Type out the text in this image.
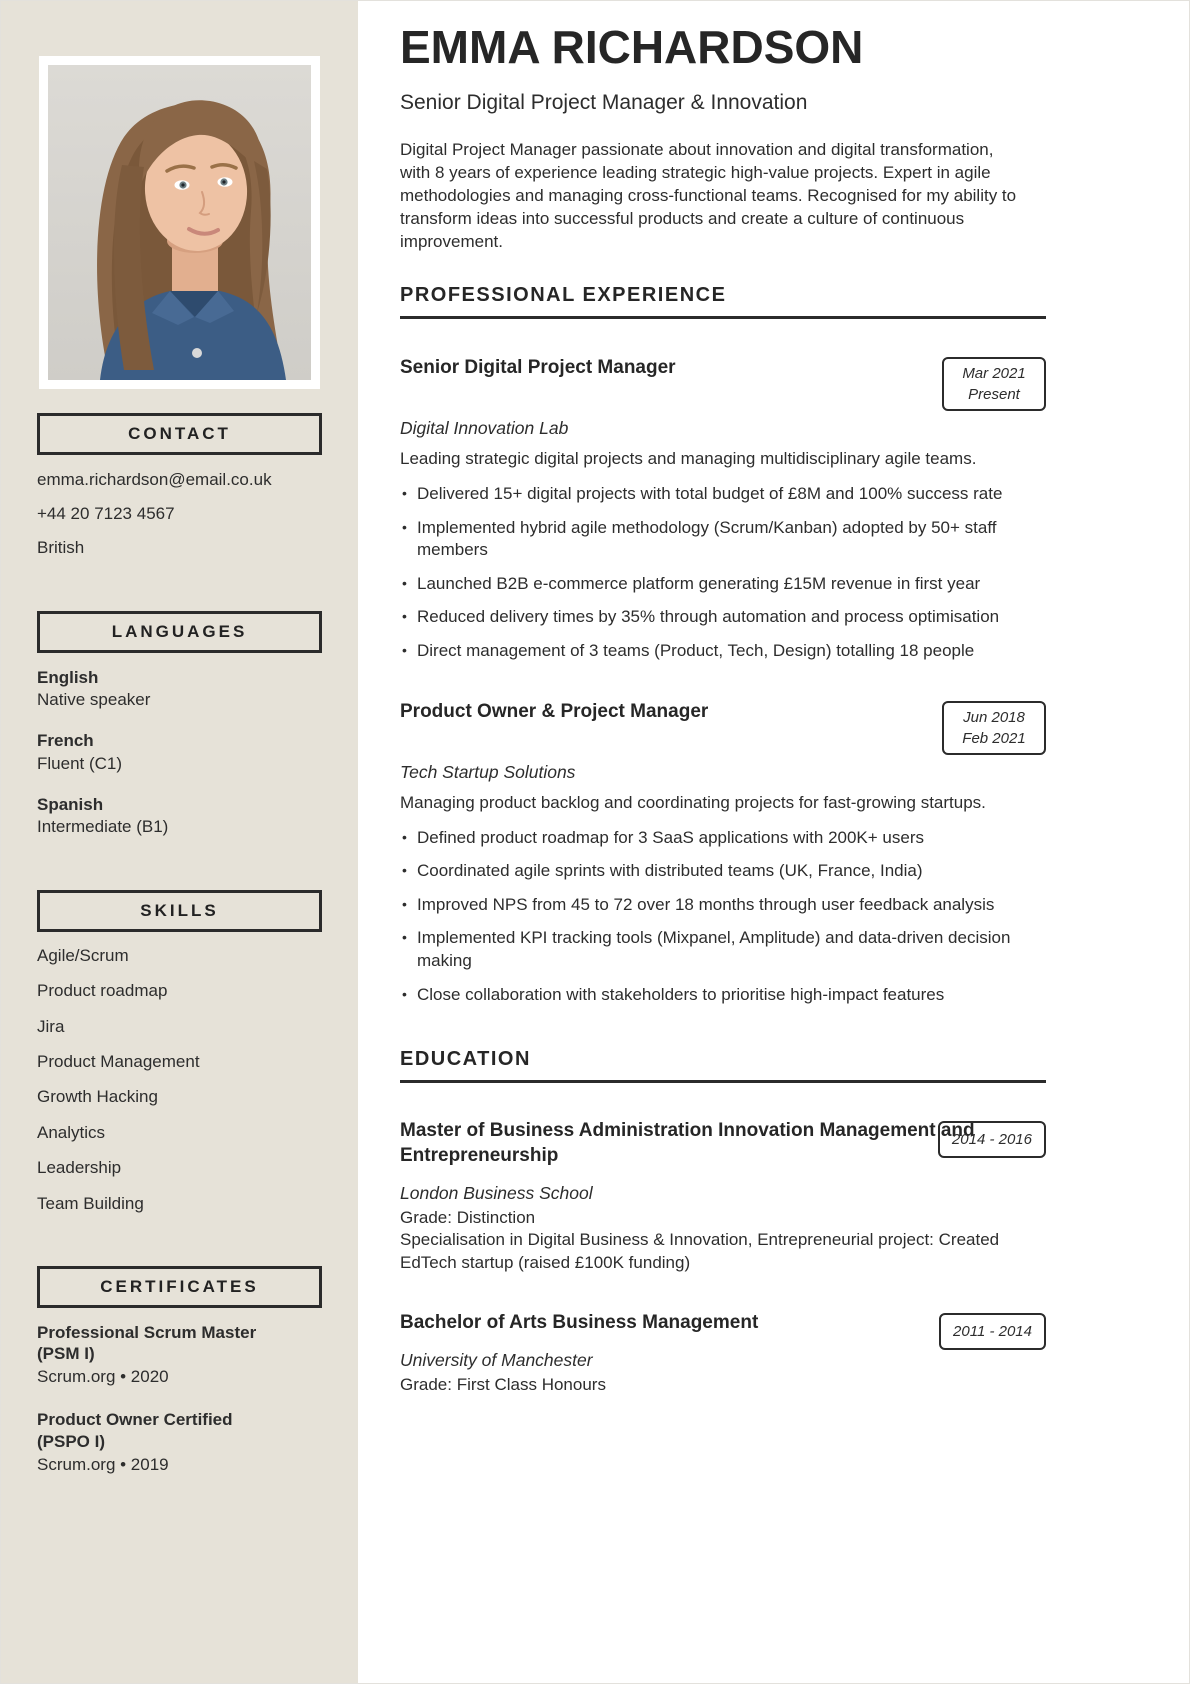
CONTACT
emma.richardson@email.co.uk
+44 20 7123 4567
British
LANGUAGES
English
Native speaker
French
Fluent (C1)
Spanish
Intermediate (B1)
SKILLS
Agile/Scrum
Product roadmap
Jira
Product Management
Growth Hacking
Analytics
Leadership
Team Building
CERTIFICATES
Professional Scrum Master (PSM I)
Scrum.org • 2020
Product Owner Certified (PSPO I)
Scrum.org • 2019
EMMA RICHARDSON
Senior Digital Project Manager & Innovation

Digital Project Manager passionate about innovation and digital transformation, with 8 years of experience leading strategic high-value projects. Expert in agile methodologies and managing cross-functional teams. Recognised for my ability to transform ideas into successful products and create a culture of continuous improvement.

PROFESSIONAL EXPERIENCE
Senior Digital Project Manager	Mar 2021
Present
Digital Innovation Lab

Leading strategic digital projects and managing multidisciplinary agile teams.

• Delivered 15+ digital projects with total budget of £8M and 100% success rate
• Implemented hybrid agile methodology (Scrum/Kanban) adopted by 50+ staff members
• Launched B2B e-commerce platform generating £15M revenue in first year
• Reduced delivery times by 35% through automation and process optimisation
• Direct management of 3 teams (Product, Tech, Design) totalling 18 people
Product Owner & Project Manager	Jun 2018
Feb 2021
Tech Startup Solutions

Managing product backlog and coordinating projects for fast-growing startups.

• Defined product roadmap for 3 SaaS applications with 200K+ users
• Coordinated agile sprints with distributed teams (UK, France, India)
• Improved NPS from 45 to 72 over 18 months through user feedback analysis
• Implemented KPI tracking tools (Mixpanel, Amplitude) and data-driven decision making
• Close collaboration with stakeholders to prioritise high-impact features
EDUCATION
2014 - 2016
Master of Business Administration Innovation Management and Entrepreneurship
London Business School
Grade: Distinction
Specialisation in Digital Business & Innovation, Entrepreneurial project: Created EdTech startup (raised £100K funding)
2011 - 2014
Bachelor of Arts Business Management
University of Manchester
Grade: First Class Honours
